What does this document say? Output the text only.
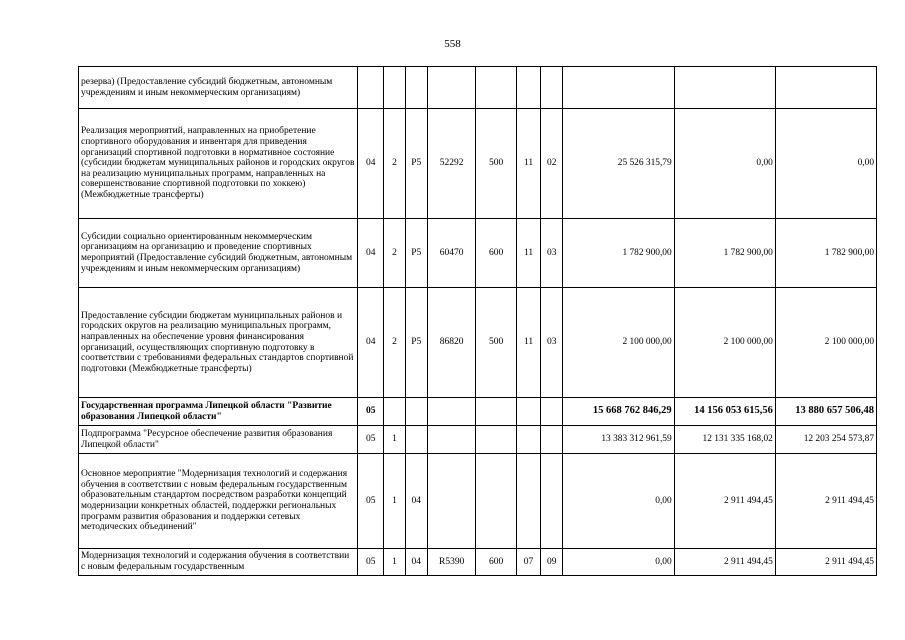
558
резерва) (Предоставление субсидий бюджетным, автономным учреждениям и иным некоммерческим организациям)										
Реализация мероприятий, направленных на приобретение спортивного оборудования и инвентаря для приведения организаций спортивной подготовки в нормативное состояние (субсидии бюджетам муниципальных районов и городских округов на реализацию муниципальных программ, направленных на совершенствование спортивной подготовки по хоккею) (Межбюджетные трансферты)	04	2	P5	52292	500	11	02	25 526 315,79	0,00	0,00
Субсидии социально ориентированным некоммерческим организациям на организацию и проведение спортивных мероприятий (Предоставление субсидий бюджетным, автономным учреждениям и иным некоммерческим организациям)	04	2	P5	60470	600	11	03	1 782 900,00	1 782 900,00	1 782 900,00
Предоставление субсидии бюджетам муниципальных районов и городских округов на реализацию муниципальных программ, направленных на обеспечение уровня финансирования организаций, осуществляющих спортивную подготовку в соответствии с требованиями федеральных стандартов спортивной подготовки (Межбюджетные трансферты)	04	2	P5	86820	500	11	03	2 100 000,00	2 100 000,00	2 100 000,00
Государственная программа Липецкой области "Развитие образования Липецкой области"	05							15 668 762 846,29	14 156 053 615,56	13 880 657 506,48
Подпрограмма "Ресурсное обеспечение развития образования Липецкой области"	05	1						13 383 312 961,59	12 131 335 168,02	12 203 254 573,87
Основное мероприятие "Модернизация технологий и содержания обучения в соответствии с новым федеральным государственным образовательным стандартом посредством разработки концепций модернизации конкретных областей, поддержки региональных программ развития образования и поддержки сетевых методических объединений"	05	1	04					0,00	2 911 494,45	2 911 494,45
Модернизация технологий и содержания обучения в соответствии с новым федеральным государственным	05	1	04	R5390	600	07	09	0,00	2 911 494,45	2 911 494,45
